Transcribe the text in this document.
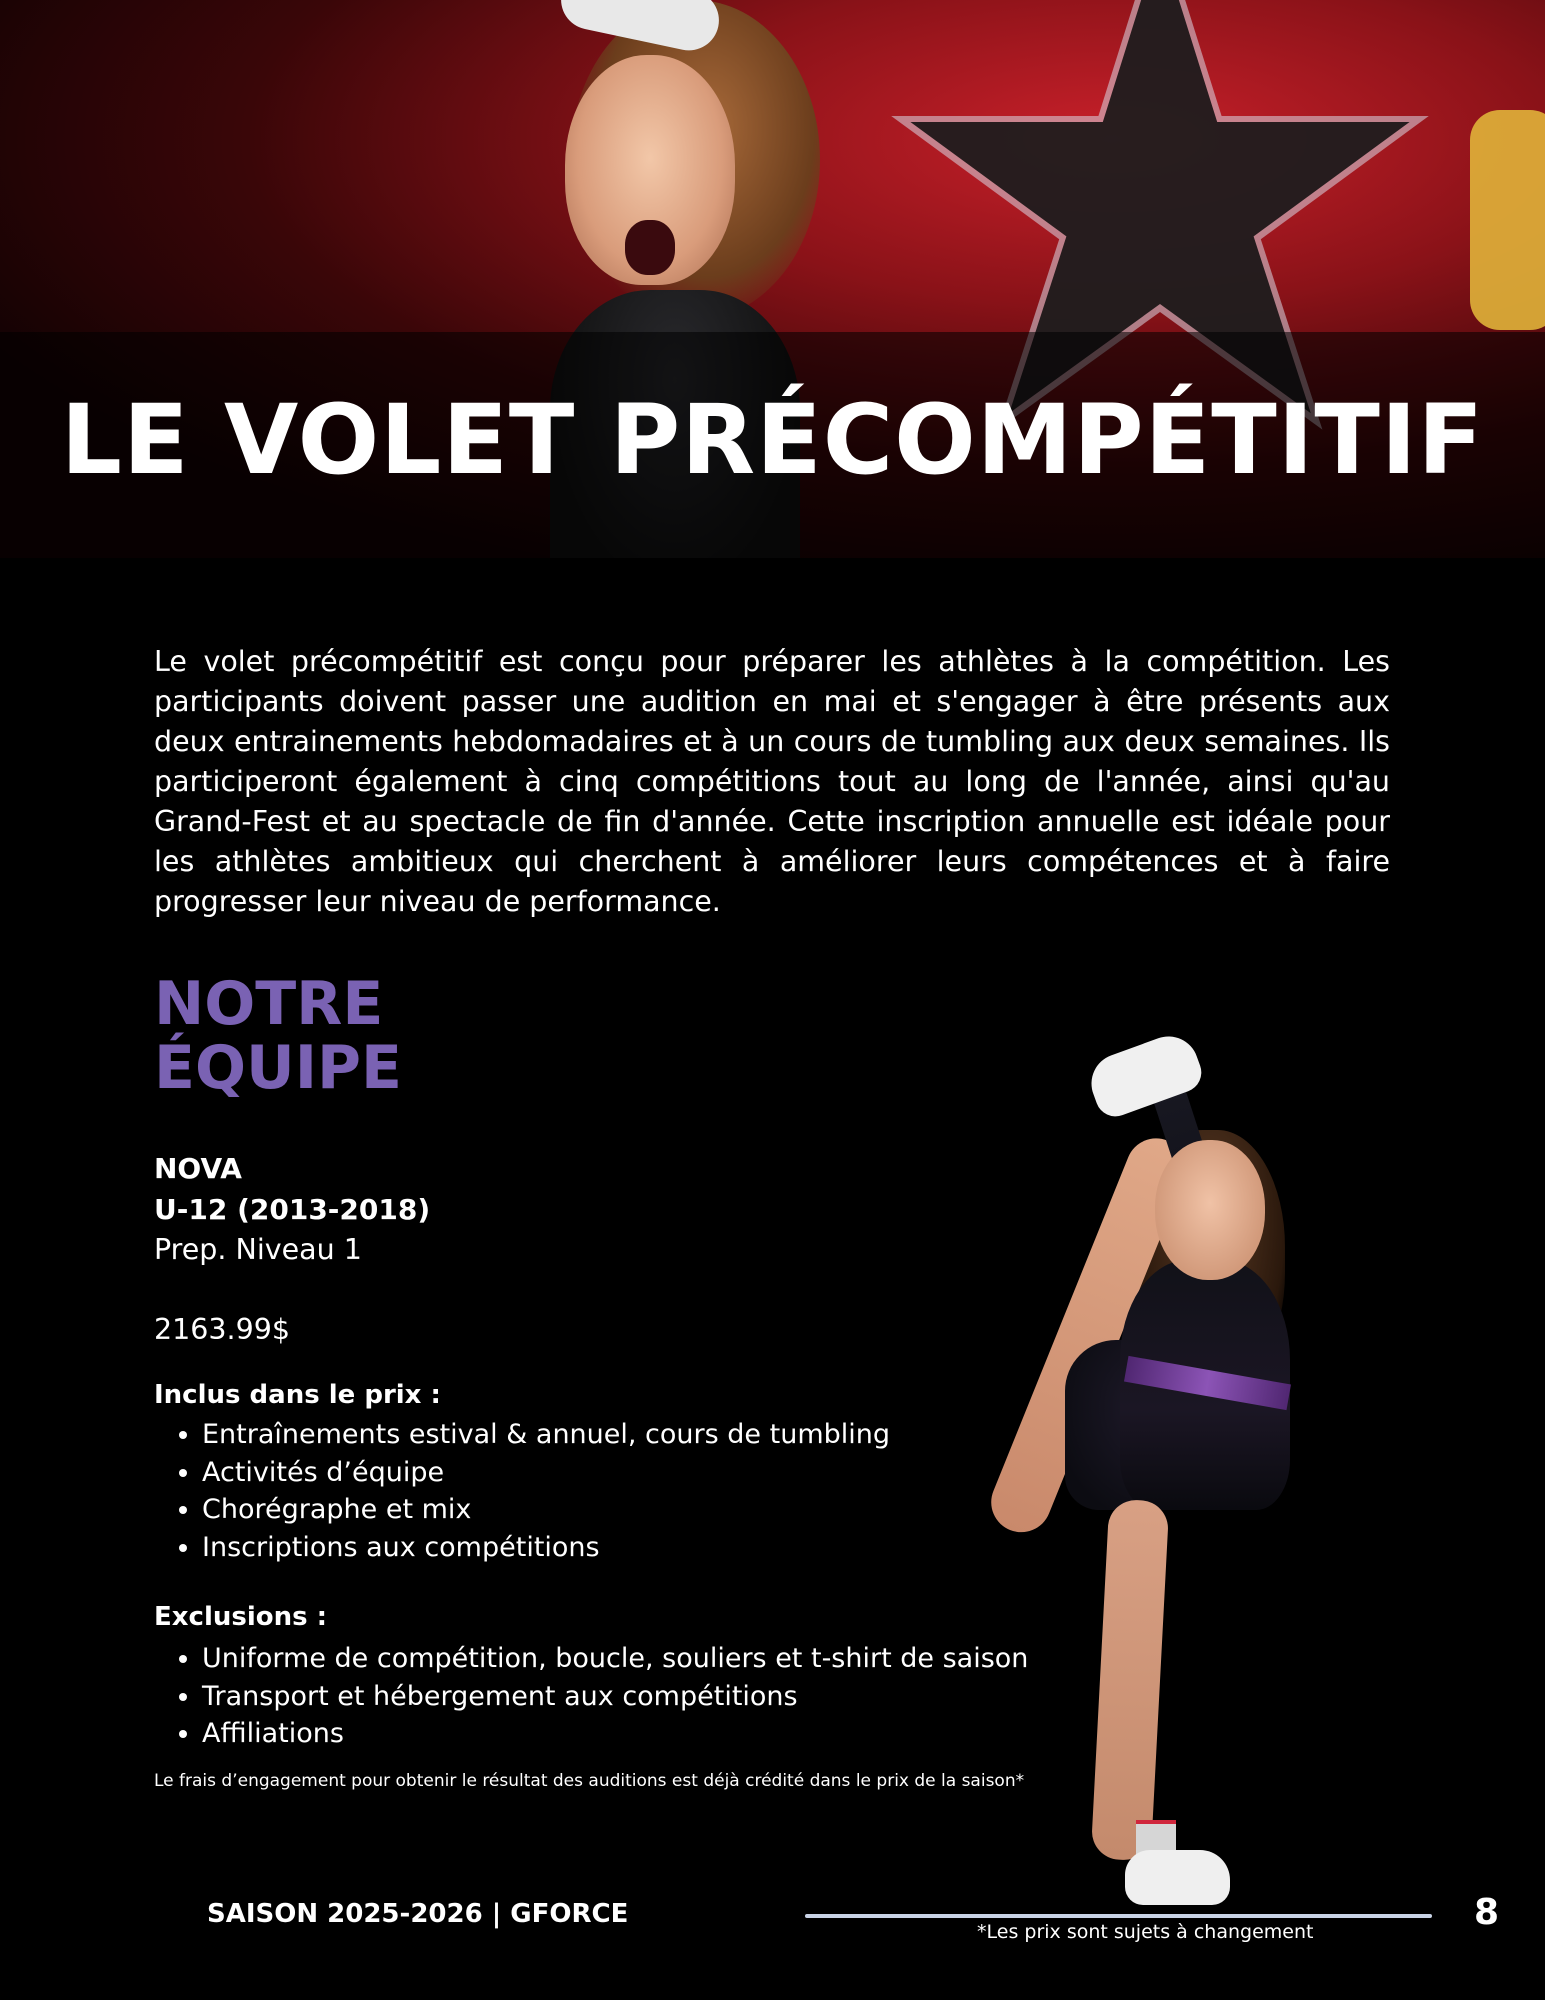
LE VOLET PRÉCOMPÉTITIF

Le volet précompétitif est conçu pour préparer les athlètes à la compétition. Les participants doivent passer une audition en mai et s'engager à être présents aux deux entrainements hebdomadaires et à un cours de tumbling aux deux semaines. Ils participeront également à cinq compétitions tout au long de l'année, ainsi qu'au Grand-Fest et au spectacle de fin d'année. Cette inscription annuelle est idéale pour les athlètes ambitieux qui cherchent à améliorer leurs compétences et à faire progresser leur niveau de performance.

NOTRE
ÉQUIPE
NOVA
U-12 (2013-2018)
Prep. Niveau 1
2163.99$
Inclus dans le prix :
• Entraînements estival & annuel, cours de tumbling
• Activités d’équipe
• Chorégraphe et mix
• Inscriptions aux compétitions
Exclusions :
• Uniforme de compétition, boucle, souliers et t-shirt de saison
• Transport et hébergement aux compétitions
• Affiliations
Le frais d’engagement pour obtenir le résultat des auditions est déjà crédité dans le prix de la saison*
SAISON 2025-2026 | GFORCE
*Les prix sont sujets à changement	8
